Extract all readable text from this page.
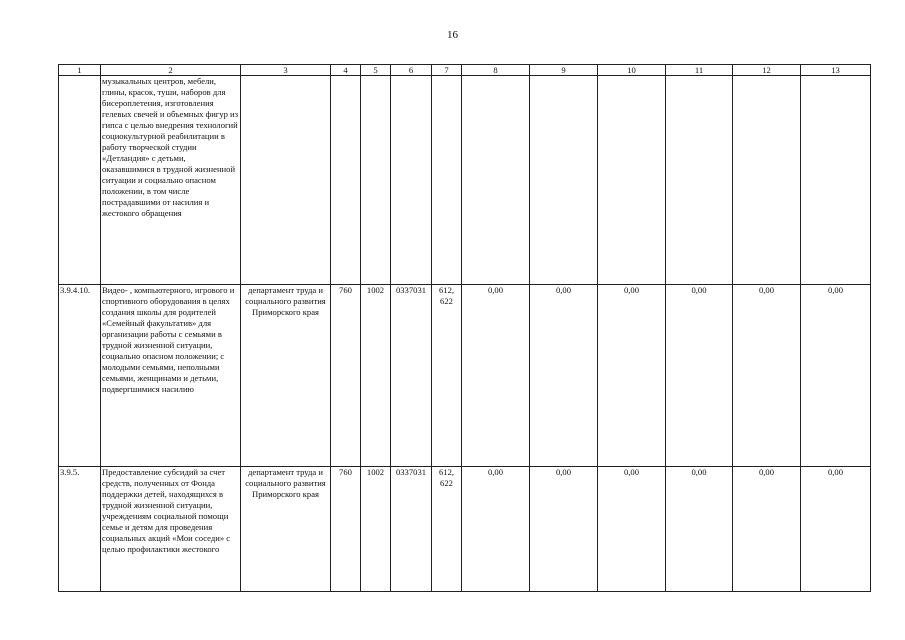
16
1	2	3	4	5	6	7	8	9	10	11	12	13
	музыкальных центров, мебели, глины, красок, туши, наборов для бисероплетения, изготовления гелевых свечей и объемных фигур из гипса с целью внедрения технологий социокультурной реабилитации в работу творческой студии «Детландия» с детьми, оказавшимися в трудной жизненной ситуации и социально опасном положении, в том числе пострадавшими от насилия и жестокого обращения											
3.9.4.10.	Видео- , компьютерного, игрового и спортивного оборудования в целях создания школы для родителей «Семейный факультатив» для организации работы с семьями в трудной жизненной ситуации, социально опасном положении; с молодыми семьями, неполными семьями, женщинами и детьми, подвергшимися насилию	департамент труда и социального развития Приморского края	760	1002	0337031	612, 622	0,00	0,00	0,00	0,00	0,00	0,00
3.9.5.	Предоставление субсидий за счет средств, полученных от Фонда поддержки детей, находящихся в трудной жизненной ситуации, учреждениям социальной помощи семье и детям для проведения социальных акций «Мои соседи» с целью профилактики жестокого	департамент труда и социального развития Приморского края	760	1002	0337031	612, 622	0,00	0,00	0,00	0,00	0,00	0,00
